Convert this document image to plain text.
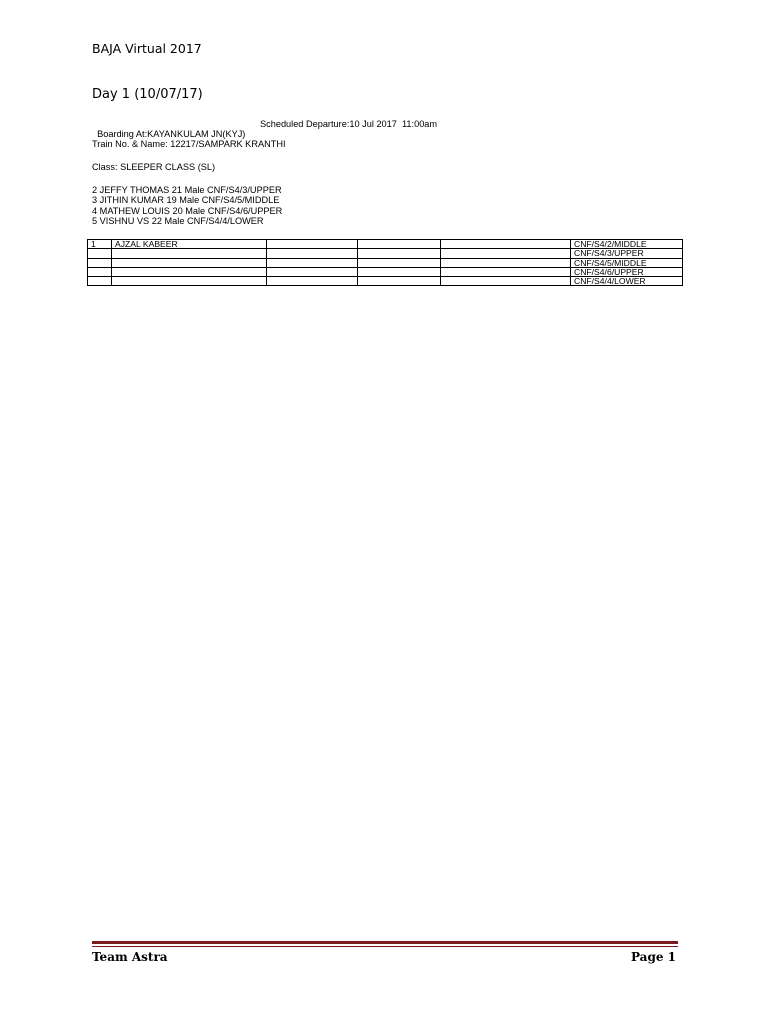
BAJA Virtual 2017
Day 1 (10/07/17)

Boarding At:KAYANKULAM JN(KYJ)

Scheduled Departure:10 Jul 2017  11:00am

Train No. & Name: 12217/SAMPARK KRANTHI
Class: SLEEPER CLASS (SL)
2 JEFFY THOMAS 21 Male CNF/S4/3/UPPER
3 JITHIN KUMAR 19 Male CNF/S4/5/MIDDLE
4 MATHEW LOUIS 20 Male CNF/S4/6/UPPER
5 VISHNU VS 22 Male CNF/S4/4/LOWER
1	AJZAL KABEER				CNF/S4/2/MIDDLE
					CNF/S4/3/UPPER
					CNF/S4/5/MIDDLE
					CNF/S4/6/UPPER
					CNF/S4/4/LOWER
Team Astra	Page 1
